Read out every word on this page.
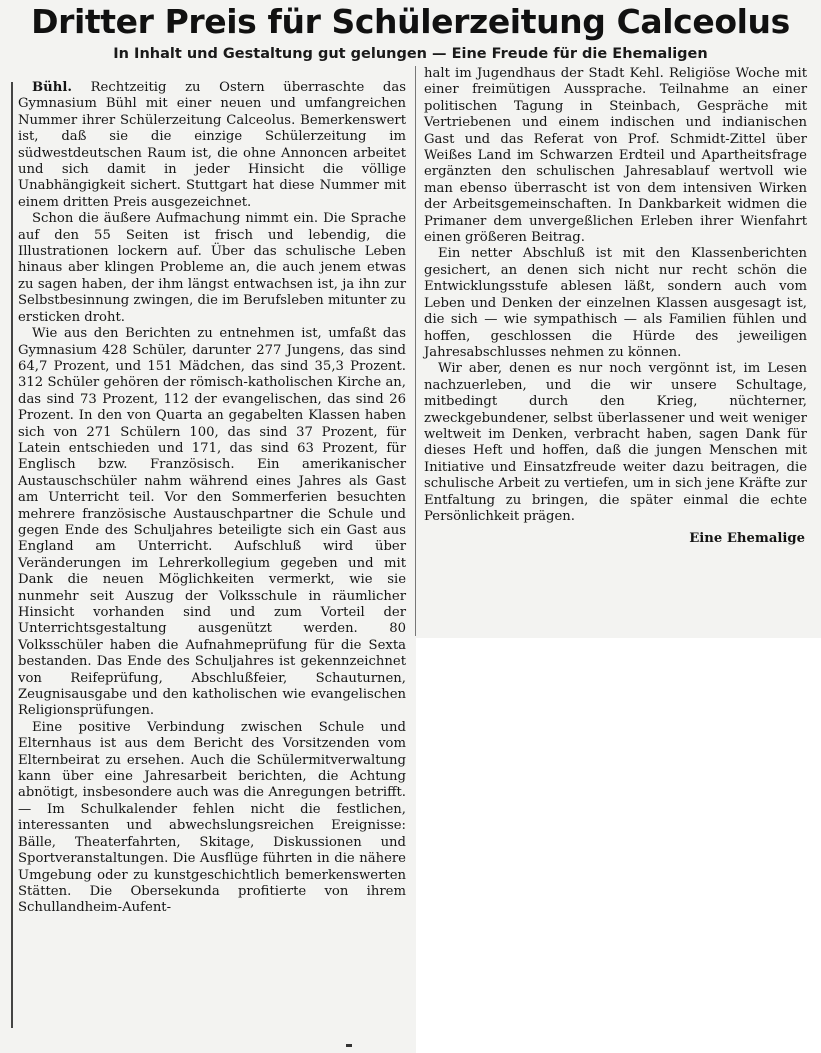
Dritter Preis für Schülerzeitung Calceolus
In Inhalt und Gestaltung gut gelungen — Eine Freude für die Ehemaligen

Bühl. Rechtzeitig zu Ostern überraschte das Gymnasium Bühl mit einer neuen und umfangreichen Nummer ihrer Schülerzeitung Calceolus. Bemerkenswert ist, daß sie die einzige Schülerzeitung im südwestdeutschen Raum ist, die ohne Annoncen arbeitet und sich damit in jeder Hinsicht die völlige Unabhängigkeit sichert. Stuttgart hat diese Nummer mit einem dritten Preis ausgezeichnet.

Schon die äußere Aufmachung nimmt ein. Die Sprache auf den 55 Seiten ist frisch und lebendig, die Illustrationen lockern auf. Über das schulische Leben hinaus aber klingen Probleme an, die auch jenem etwas zu sagen haben, der ihm längst entwachsen ist, ja ihn zur Selbstbesinnung zwingen, die im Berufsleben mitunter zu ersticken droht.

Wie aus den Berichten zu entnehmen ist, umfaßt das Gymnasium 428 Schüler, darunter 277 Jungens, das sind 64,7 Prozent, und 151 Mädchen, das sind 35,3 Prozent. 312 Schüler gehören der römisch-katholischen Kirche an, das sind 73 Prozent, 112 der evangelischen, das sind 26 Prozent. In den von Quarta an gegabelten Klassen haben sich von 271 Schülern 100, das sind 37 Prozent, für Latein entschieden und 171, das sind 63 Prozent, für Englisch bzw. Französisch. Ein amerikanischer Austauschschüler nahm während eines Jahres als Gast am Unterricht teil. Vor den Sommerferien besuchten mehrere französische Austauschpartner die Schule und gegen Ende des Schuljahres beteiligte sich ein Gast aus England am Unterricht. Aufschluß wird über Veränderungen im Lehrerkollegium gegeben und mit Dank die neuen Möglichkeiten vermerkt, wie sie nunmehr seit Auszug der Volksschule in räumlicher Hinsicht vorhanden sind und zum Vorteil der Unterrichtsgestaltung ausgenützt werden. 80 Volksschüler haben die Aufnahmeprüfung für die Sexta bestanden. Das Ende des Schuljahres ist gekennzeichnet von Reifeprüfung, Abschlußfeier, Schauturnen, Zeugnisausgabe und den katholischen wie evangelischen Religionsprüfungen.

Eine positive Verbindung zwischen Schule und Elternhaus ist aus dem Bericht des Vorsitzenden vom Elternbeirat zu ersehen. Auch die Schülermitverwaltung kann über eine Jahresarbeit berichten, die Achtung abnötigt, insbesondere auch was die Anregungen betrifft. — Im Schulkalender fehlen nicht die festlichen, interessanten und abwechslungsreichen Ereignisse: Bälle, Theaterfahrten, Skitage, Diskussionen und Sportveranstaltungen. Die Ausflüge führten in die nähere Umgebung oder zu kunstgeschichtlich bemerkenswerten Stätten. Die Obersekunda profitierte von ihrem Schullandheim-Aufent-

halt im Jugendhaus der Stadt Kehl. Religiöse Woche mit einer freimütigen Aussprache. Teilnahme an einer politischen Tagung in Steinbach, Gespräche mit Vertriebenen und einem indischen und indianischen Gast und das Referat von Prof. Schmidt-Zittel über Weißes Land im Schwarzen Erdteil und Apartheitsfrage ergänzten den schulischen Jahresablauf wertvoll wie man ebenso überrascht ist von dem intensiven Wirken der Arbeitsgemeinschaften. In Dankbarkeit widmen die Primaner dem unvergeßlichen Erleben ihrer Wienfahrt einen größeren Beitrag.

Ein netter Abschluß ist mit den Klassenberichten gesichert, an denen sich nicht nur recht schön die Entwicklungsstufe ablesen läßt, sondern auch vom Leben und Denken der einzelnen Klassen ausgesagt ist, die sich — wie sympathisch — als Familien fühlen und hoffen, geschlossen die Hürde des jeweiligen Jahresabschlusses nehmen zu können.

Wir aber, denen es nur noch vergönnt ist, im Lesen nachzuerleben, und die wir unsere Schultage, mitbedingt durch den Krieg, nüchterner, zweckgebundener, selbst überlassener und weit weniger weltweit im Denken, verbracht haben, sagen Dank für dieses Heft und hoffen, daß die jungen Menschen mit Initiative und Einsatzfreude weiter dazu beitragen, die schulische Arbeit zu vertiefen, um in sich jene Kräfte zur Entfaltung zu bringen, die später einmal die echte Persönlichkeit prägen.

Eine Ehemalige
